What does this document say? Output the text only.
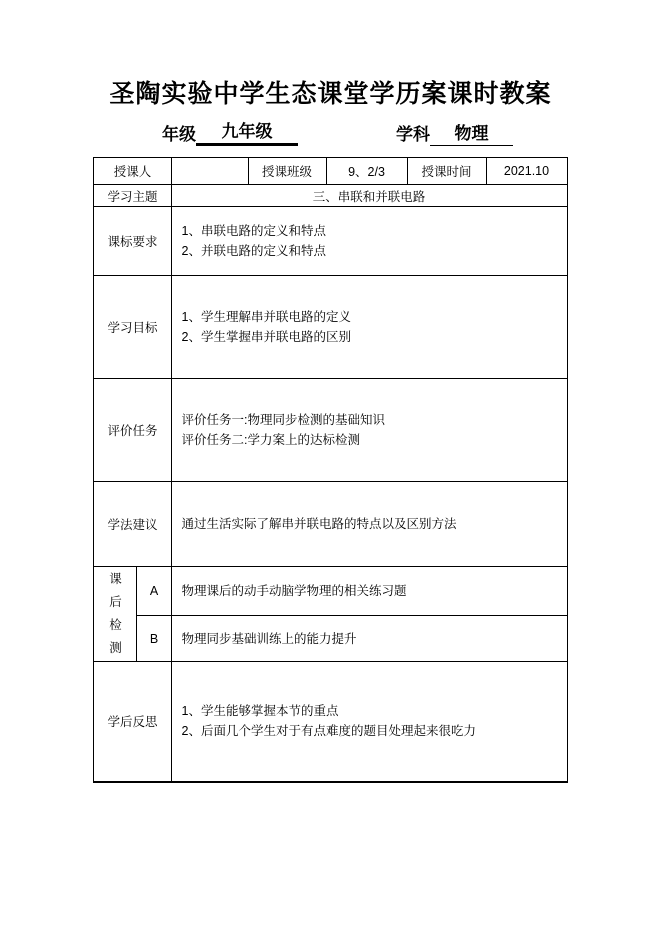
圣陶实验中学生态课堂学历案课时教案
年级	九年级	学科	物理
授课人			授课班级	9、2/3	授课时间	2021.10
学习主题		三、串联和并联电路				
课标要求		1、串联电路的定义和特点
2、并联电路的定义和特点				

学习目标		1、学生理解串并联电路的定义
2、学生掌握串并联电路的区别				

评价任务		评价任务一:物理同步检测的基础知识
评价任务二:学力案上的达标检测				

学法建议		通过生活实际了解串并联电路的特点以及区别方法				

课
后
检
测	A	物理课后的动手动脑学物理的相关练习题				
	B	物理同步基础训练上的能力提升				
学后反思		1、学生能够掌握本节的重点
2、后面几个学生对于有点难度的题目处理起来很吃力				
